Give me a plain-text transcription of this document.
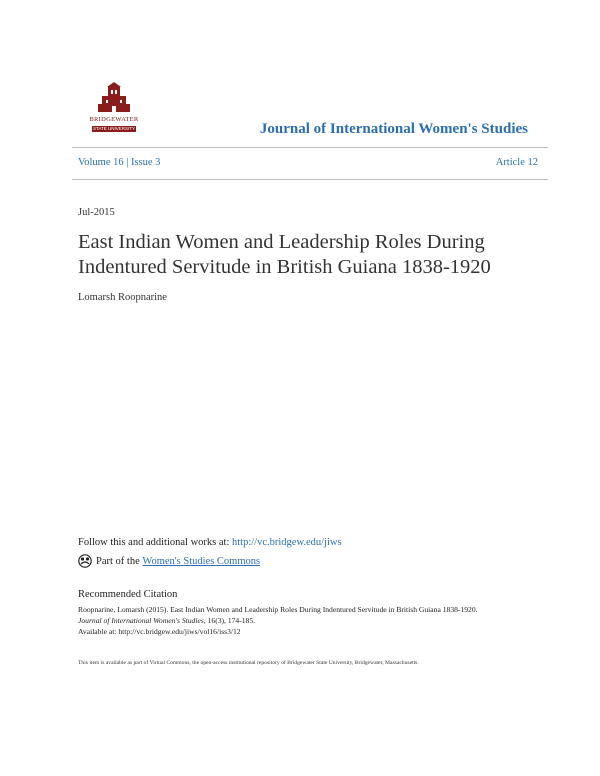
BRIDGEWATER
STATE UNIVERSITY	Journal of International Women's Studies
Volume 16 | Issue 3	Article 12
Jul-2015
East Indian Women and Leadership Roles During Indentured Servitude in British Guiana 1838-1920
Lomarsh Roopnarine
Follow this and additional works at: http://vc.bridgew.edu/jiws
Part of the
Women's Studies Commons
Recommended Citation
Roopnarine, Lomarsh (2015). East Indian Women and Leadership Roles During Indentured Servitude in British Guiana 1838-1920.
Journal of International Women's Studies, 16(3), 174-185.
Available at: http://vc.bridgew.edu/jiws/vol16/iss3/12
This item is available as part of Virtual Commons, the open-access institutional repository of Bridgewater State University, Bridgewater, Massachusetts.
